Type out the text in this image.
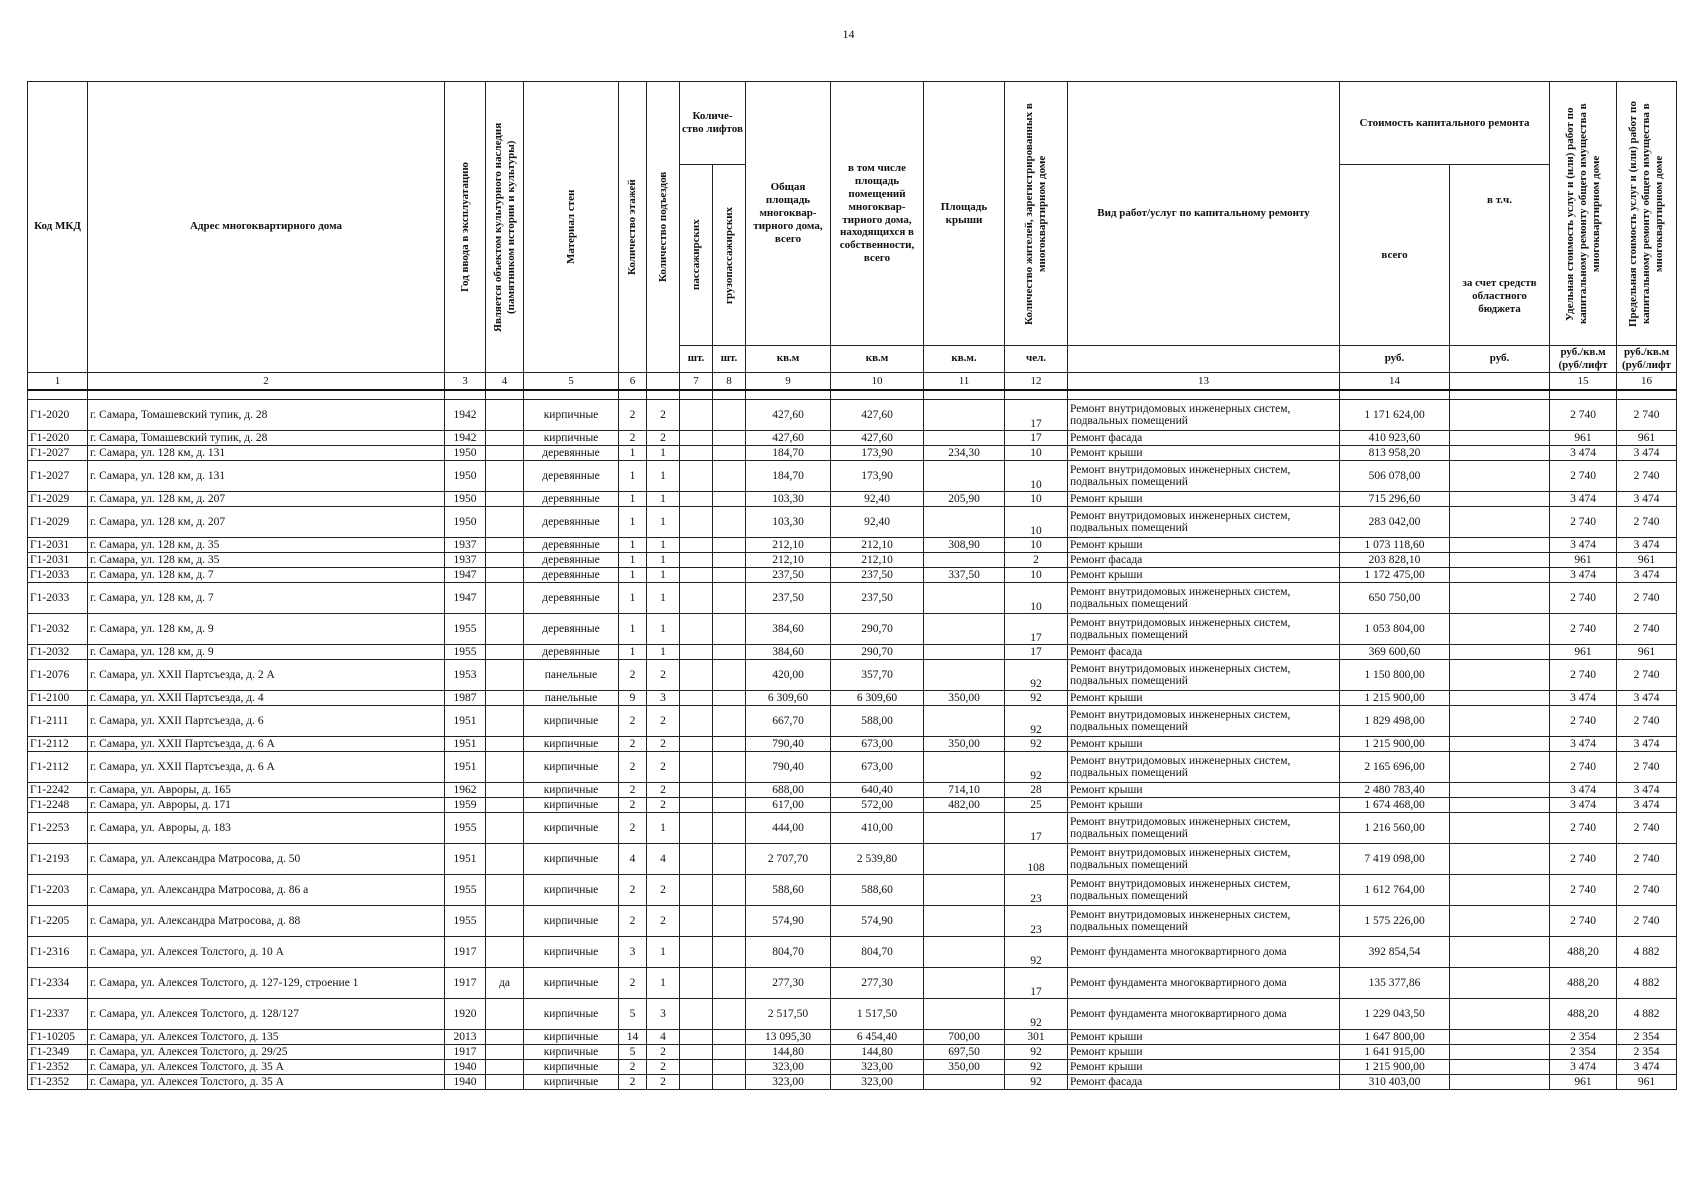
14
Код МКД	Адрес многоквартирного дома	Год ввода в эксплуатацию	Является объектом культурного наследия (памятником истории и культуры)	Материал стен	Количество этажей	Количество подъездов	Количе-ство лифтов		Общая площадь многоквар-тирного дома, всего	в том числе площадь помещений многоквар-тирного дома, находящихся в собственности, всего	Площадь крыши	Количество жителей, зарегистрированных в многоквартирном доме	Вид работ/услуг по капитальному ремонту	Стоимость капитального ремонта		Удельная стоимость услуг и (или) работ по капитальному ремонту общего имущества в многоквартирном доме	Предельная стоимость услуг и (или) работ по капитальному ремонту общего имущества в многоквартирном доме

							пассажирских	грузопассажирских						всего	в т.ч.
за счет средств областного бюджета		

							шт.	шт.	кв.м	кв.м	кв.м.	чел.		руб.	руб.	руб./кв.м (руб/лифт	руб./кв.м (руб/лифт
1	2	3	4	5	6		7	8	9	10	11	12	13	14		15	16

Г1-2020	г. Самара, Томашевский тупик, д. 28	1942		кирпичные	2	2			427,60	427,60		17	Ремонт внутридомовых инженерных систем, подвальных помещений	1 171 624,00		2 740	2 740
Г1-2020	г. Самара, Томашевский тупик, д. 28	1942		кирпичные	2	2			427,60	427,60		17	Ремонт фасада	410 923,60		961	961
Г1-2027	г. Самара, ул. 128 км, д. 131	1950		деревянные	1	1			184,70	173,90	234,30	10	Ремонт крыши	813 958,20		3 474	3 474
Г1-2027	г. Самара, ул. 128 км, д. 131	1950		деревянные	1	1			184,70	173,90		10	Ремонт внутридомовых инженерных систем, подвальных помещений	506 078,00		2 740	2 740
Г1-2029	г. Самара, ул. 128 км, д. 207	1950		деревянные	1	1			103,30	92,40	205,90	10	Ремонт крыши	715 296,60		3 474	3 474
Г1-2029	г. Самара, ул. 128 км, д. 207	1950		деревянные	1	1			103,30	92,40		10	Ремонт внутридомовых инженерных систем, подвальных помещений	283 042,00		2 740	2 740
Г1-2031	г. Самара, ул. 128 км, д. 35	1937		деревянные	1	1			212,10	212,10	308,90	10	Ремонт крыши	1 073 118,60		3 474	3 474
Г1-2031	г. Самара, ул. 128 км, д. 35	1937		деревянные	1	1			212,10	212,10		2	Ремонт фасада	203 828,10		961	961
Г1-2033	г. Самара, ул. 128 км, д. 7	1947		деревянные	1	1			237,50	237,50	337,50	10	Ремонт крыши	1 172 475,00		3 474	3 474
Г1-2033	г. Самара, ул. 128 км, д. 7	1947		деревянные	1	1			237,50	237,50		10	Ремонт внутридомовых инженерных систем, подвальных помещений	650 750,00		2 740	2 740
Г1-2032	г. Самара, ул. 128 км, д. 9	1955		деревянные	1	1			384,60	290,70		17	Ремонт внутридомовых инженерных систем, подвальных помещений	1 053 804,00		2 740	2 740
Г1-2032	г. Самара, ул. 128 км, д. 9	1955		деревянные	1	1			384,60	290,70		17	Ремонт фасада	369 600,60		961	961
Г1-2076	г. Самара, ул. XXII Партсъезда, д. 2 А	1953		панельные	2	2			420,00	357,70		92	Ремонт внутридомовых инженерных систем, подвальных помещений	1 150 800,00		2 740	2 740
Г1-2100	г. Самара, ул. XXII Партсъезда, д. 4	1987		панельные	9	3			6 309,60	6 309,60	350,00	92	Ремонт крыши	1 215 900,00		3 474	3 474
Г1-2111	г. Самара, ул. XXII Партсъезда, д. 6	1951		кирпичные	2	2			667,70	588,00		92	Ремонт внутридомовых инженерных систем, подвальных помещений	1 829 498,00		2 740	2 740
Г1-2112	г. Самара, ул. XXII Партсъезда, д. 6 А	1951		кирпичные	2	2			790,40	673,00	350,00	92	Ремонт крыши	1 215 900,00		3 474	3 474
Г1-2112	г. Самара, ул. XXII Партсъезда, д. 6 А	1951		кирпичные	2	2			790,40	673,00		92	Ремонт внутридомовых инженерных систем, подвальных помещений	2 165 696,00		2 740	2 740
Г1-2242	г. Самара, ул. Авроры, д. 165	1962		кирпичные	2	2			688,00	640,40	714,10	28	Ремонт крыши	2 480 783,40		3 474	3 474
Г1-2248	г. Самара, ул. Авроры, д. 171	1959		кирпичные	2	2			617,00	572,00	482,00	25	Ремонт крыши	1 674 468,00		3 474	3 474
Г1-2253	г. Самара, ул. Авроры, д. 183	1955		кирпичные	2	1			444,00	410,00		17	Ремонт внутридомовых инженерных систем, подвальных помещений	1 216 560,00		2 740	2 740
Г1-2193	г. Самара, ул. Александра Матросова, д. 50	1951		кирпичные	4	4			2 707,70	2 539,80		108	Ремонт внутридомовых инженерных систем, подвальных помещений	7 419 098,00		2 740	2 740
Г1-2203	г. Самара, ул. Александра Матросова, д. 86 а	1955		кирпичные	2	2			588,60	588,60		23	Ремонт внутридомовых инженерных систем, подвальных помещений	1 612 764,00		2 740	2 740
Г1-2205	г. Самара, ул. Александра Матросова, д. 88	1955		кирпичные	2	2			574,90	574,90		23	Ремонт внутридомовых инженерных систем, подвальных помещений	1 575 226,00		2 740	2 740
Г1-2316	г. Самара, ул. Алексея Толстого, д. 10 А	1917		кирпичные	3	1			804,70	804,70		92	Ремонт фундамента многоквартирного дома	392 854,54		488,20	4 882
Г1-2334	г. Самара, ул. Алексея Толстого, д. 127-129, строение 1	1917	да	кирпичные	2	1			277,30	277,30		17	Ремонт фундамента многоквартирного дома	135 377,86		488,20	4 882
Г1-2337	г. Самара, ул. Алексея Толстого, д. 128/127	1920		кирпичные	5	3			2 517,50	1 517,50		92	Ремонт фундамента многоквартирного дома	1 229 043,50		488,20	4 882
Г1-10205	г. Самара, ул. Алексея Толстого, д. 135	2013		кирпичные	14	4			13 095,30	6 454,40	700,00	301	Ремонт крыши	1 647 800,00		2 354	2 354
Г1-2349	г. Самара, ул. Алексея Толстого, д. 29/25	1917		кирпичные	5	2			144,80	144,80	697,50	92	Ремонт крыши	1 641 915,00		2 354	2 354
Г1-2352	г. Самара, ул. Алексея Толстого, д. 35 А	1940		кирпичные	2	2			323,00	323,00	350,00	92	Ремонт крыши	1 215 900,00		3 474	3 474
Г1-2352	г. Самара, ул. Алексея Толстого, д. 35 А	1940		кирпичные	2	2			323,00	323,00		92	Ремонт фасада	310 403,00		961	961
